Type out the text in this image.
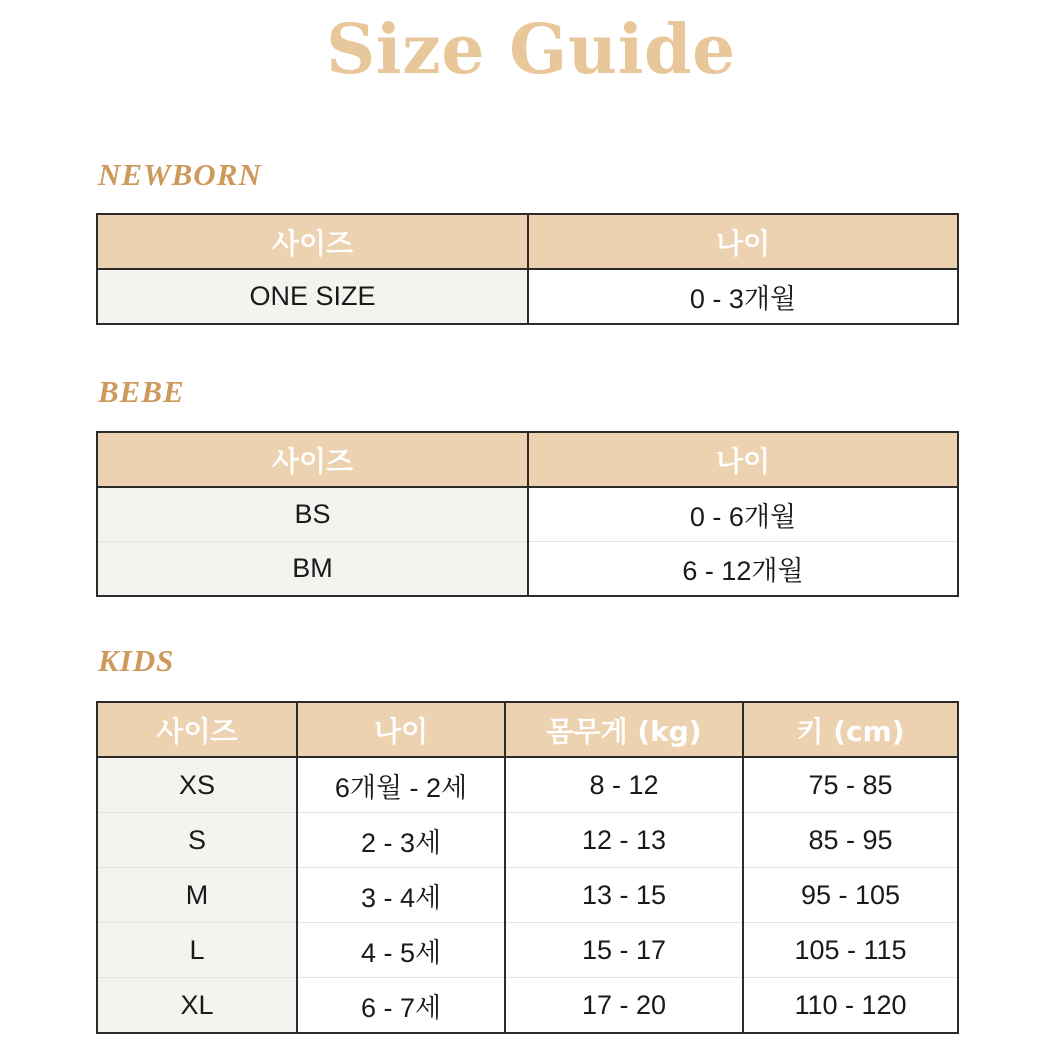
Size Guide
NEWBORN
사이즈	나이
ONE SIZE	0 - 3개월
BEBE
사이즈	나이
BS	0 - 6개월
BM	6 - 12개월
KIDS
사이즈	나이	몸무게 (kg)	키 (cm)
XS	6개월 - 2세	8 - 12	75 - 85
S	2 - 3세	12 - 13	85 - 95
M	3 - 4세	13 - 15	95 - 105
L	4 - 5세	15 - 17	105 - 115
XL	6 - 7세	17 - 20	110 - 120
